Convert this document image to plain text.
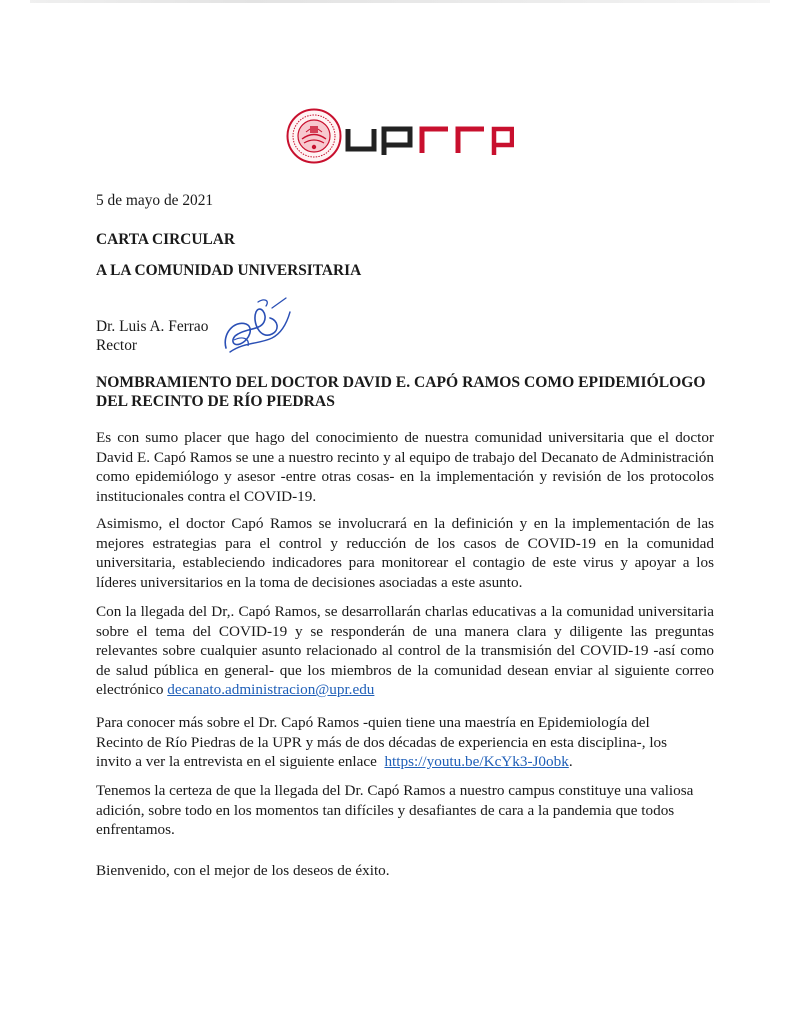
5 de mayo de 2021
CARTA CIRCULAR
A LA COMUNIDAD UNIVERSITARIA
Dr. Luis A. Ferrao
Rector
NOMBRAMIENTO DEL DOCTOR DAVID E. CAPÓ RAMOS COMO EPIDEMIÓLOGO DEL RECINTO DE RÍO PIEDRAS
Es con sumo placer que hago del conocimiento de nuestra comunidad universitaria que el doctor David E. Capó Ramos se une a nuestro recinto y al equipo de trabajo del Decanato de Administración como epidemiólogo y asesor -entre otras cosas- en la implementación y revisión de los protocolos institucionales contra el COVID-19.
Asimismo, el doctor Capó Ramos se involucrará en la definición y en la implementación de las mejores estrategias para el control y reducción de los casos de COVID-19 en la comunidad universitaria, estableciendo indicadores para monitorear el contagio de este virus y apoyar a los líderes universitarios en la toma de decisiones asociadas a este asunto.
Con la llegada del Dr,. Capó Ramos, se desarrollarán charlas educativas a la comunidad universitaria sobre el tema del COVID-19 y se responderán de una manera clara y diligente las preguntas relevantes sobre cualquier asunto relacionado al control de la transmisión del COVID-19 -así como de salud pública en general- que los miembros de la comunidad desean enviar al siguiente correo electrónico decanato.administracion@upr.edu
Para conocer más sobre el Dr. Capó Ramos -quien tiene una maestría en Epidemiología del
Recinto de Río Piedras de la UPR y más de dos décadas de experiencia en esta disciplina-, los
invito a ver la entrevista en el siguiente enlace  https://youtu.be/KcYk3-J0obk.
Tenemos la certeza de que la llegada del Dr. Capó Ramos a nuestro campus constituye una valiosa adición, sobre todo en los momentos tan difíciles y desafiantes de cara a la pandemia que todos enfrentamos.
Bienvenido, con el mejor de los deseos de éxito.
